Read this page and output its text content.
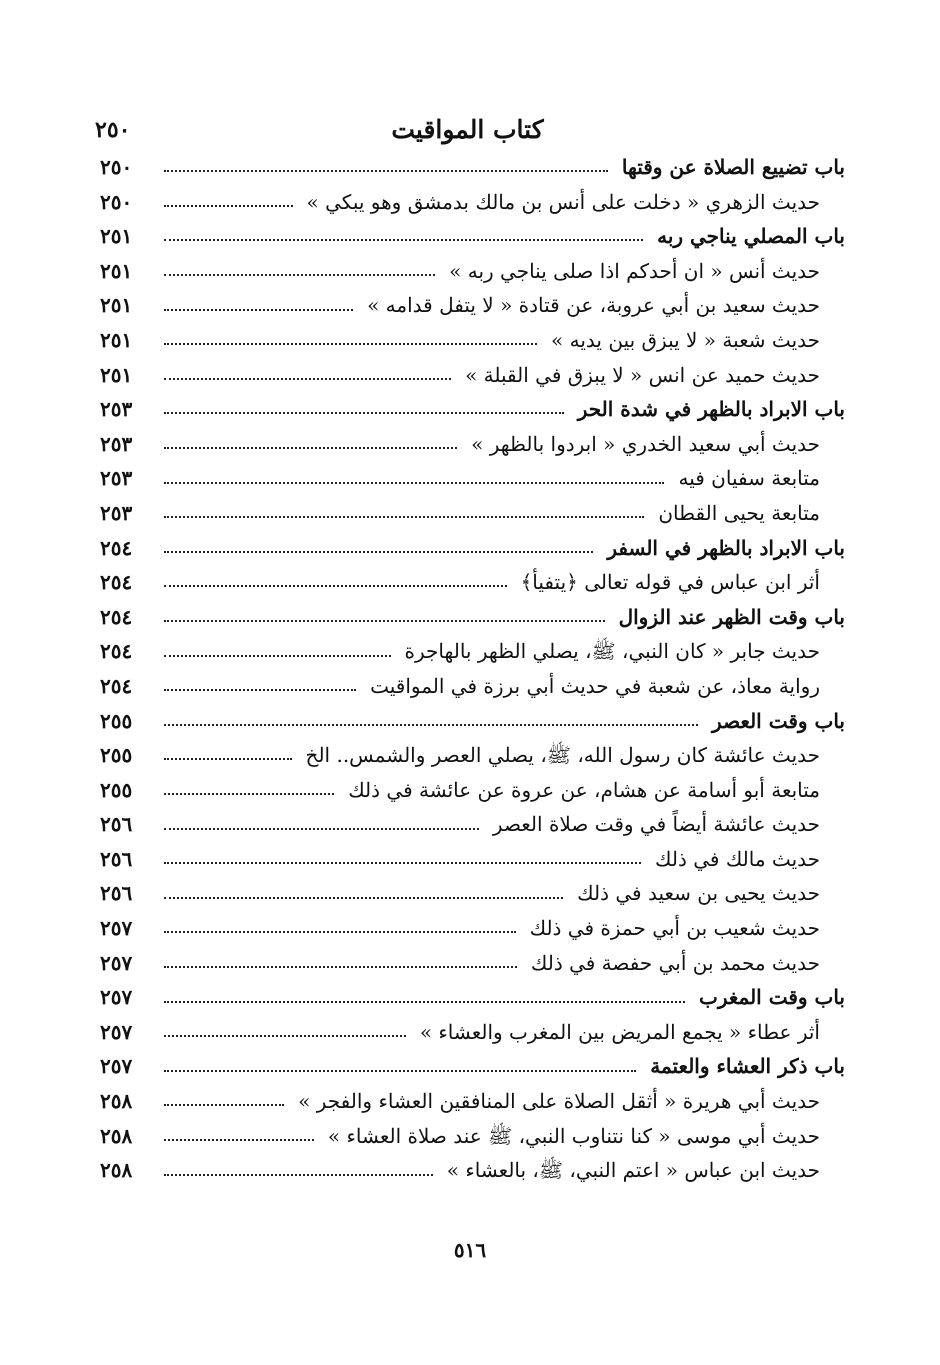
كتاب المواقيت
٢٥٠
باب تضييع الصلاة عن وقتها
٢٥٠
حديث الزهري « دخلت على أنس بن مالك بدمشق وهو يبكي »
٢٥٠
باب المصلي يناجي ربه
٢٥١
حديث أنس « ان أحدكم اذا صلى يناجي ربه »
٢٥١
حديث سعيد بن أبي عروبة، عن قتادة « لا يتفل قدامه »
٢٥١
حديث شعبة « لا يبزق بين يديه »
٢٥١
حديث حميد عن انس « لا يبزق في القبلة »
٢٥١
باب الابراد بالظهر في شدة الحر
٢٥٣
حديث أبي سعيد الخدري « ابردوا بالظهر »
٢٥٣
متابعة سفيان فيه
٢٥٣
متابعة يحيى القطان
٢٥٣
باب الابراد بالظهر في السفر
٢٥٤
أثر ابن عباس في قوله تعالى ﴿يتفيأ﴾
٢٥٤
باب وقت الظهر عند الزوال
٢٥٤
حديث جابر « كان النبي، ﷺ، يصلي الظهر بالهاجرة
٢٥٤
رواية معاذ، عن شعبة في حديث أبي برزة في المواقيت
٢٥٤
باب وقت العصر
٢٥٥
حديث عائشة كان رسول الله، ﷺ، يصلي العصر والشمس.. الخ
٢٥٥
متابعة أبو أسامة عن هشام، عن عروة عن عائشة في ذلك
٢٥٥
حديث عائشة أيضاً في وقت صلاة العصر
٢٥٦
حديث مالك في ذلك
٢٥٦
حديث يحيى بن سعيد في ذلك
٢٥٦
حديث شعيب بن أبي حمزة في ذلك
٢٥٧
حديث محمد بن أبي حفصة في ذلك
٢٥٧
باب وقت المغرب
٢٥٧
أثر عطاء « يجمع المريض بين المغرب والعشاء »
٢٥٧
باب ذكر العشاء والعتمة
٢٥٧
حديث أبي هريرة « أثقل الصلاة على المنافقين العشاء والفجر »
٢٥٨
حديث أبي موسى « كنا نتناوب النبي، ﷺ عند صلاة العشاء »
٢٥٨
حديث ابن عباس « اعتم النبي، ﷺ، بالعشاء »
٢٥٨
٥١٦
